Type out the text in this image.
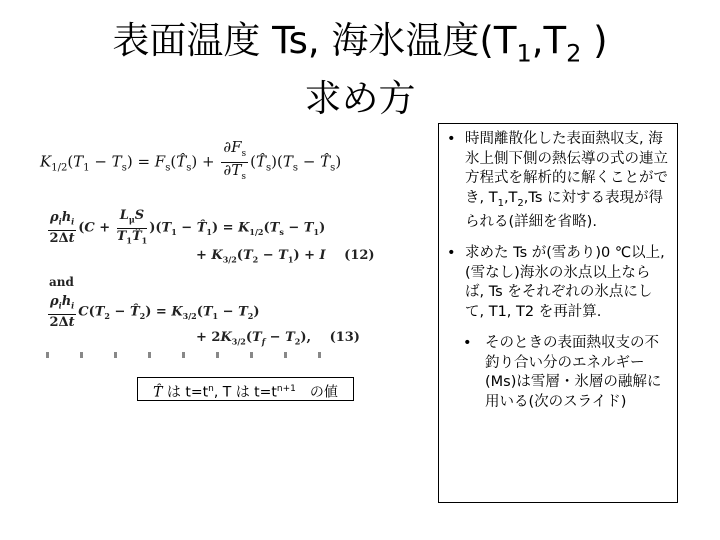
表面温度 Ts, 海氷温度($T_1,T_2$ )
求め方
$K_{1/2}(T_1 - T_s)$ = $F_s(T̂_s) + \frac{\partial F_s}{\partial T_s}$ $(T̂_s)(T_s$ − $T̂_s$)
$\frac{\rho_ih_i}{2\Delta t} (C + \frac{L_\mu S}{T_1T̂_1} )(T_1$ − $T̂_1) = K_{1/2}(T_s - T_1)$
+ $K_{3/2}(T_2 - T_1) + I$ (12)
$\frac{\rho_ih_i}{2\Delta t} C(T_2$ − $T̂_2) = K_{3/2}(T_1 - T_2)$
+ $2K_{3/2}(T_f - T_2)$, (13)
and
T̂ は $t=t^n$, T は $t=t^{n+1}$　の値
• 時間離散化した表面熱収支, 海氷上側下側の熱伝導の式の連立方程式を解析的に解くことができ, $T_1,T_2,Ts$ に対する表現が得られる(詳細を省略).
• 求めた Ts が(雪あり)0 ℃以上, (雪なし)海氷の氷点以上ならば, Ts をそれぞれの氷点にして, T1, T2 を再計算.
• そのときの表面熱収支の不釣り合い分のエネルギー(Ms)は雪層・氷層の融解に用いる(次のスライド)
